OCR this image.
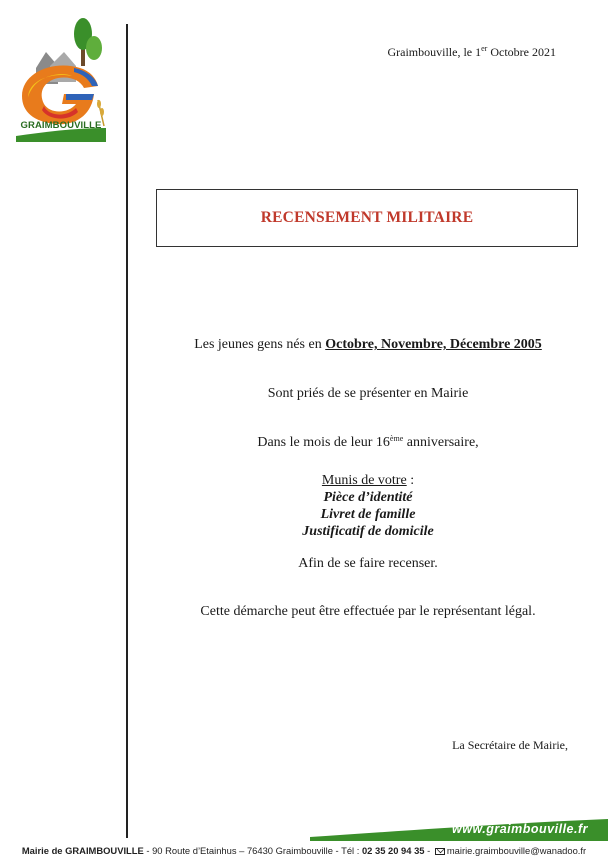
GRAIMBOUVILLE
Graimbouville, le 1er Octobre 2021
RECENSEMENT MILITAIRE
Les jeunes gens nés en Octobre, Novembre, Décembre 2005
Sont priés de se présenter en Mairie
Dans le mois de leur 16ème anniversaire,
Munis de votre :
Pièce d’identité
Livret de famille
Justificatif de domicile
Afin de se faire recenser.
Cette démarche peut être effectuée par le représentant légal.
La Secrétaire de Mairie,
www.graimbouville.fr
Mairie de GRAIMBOUVILLE - 90 Route d’Etainhus – 76430 Graimbouville - Tél : 02 35 20 94 35 - mairie.graimbouville@wanadoo.fr
